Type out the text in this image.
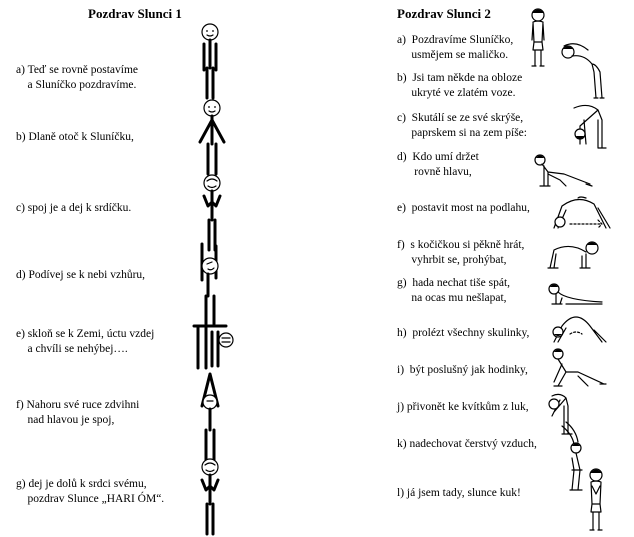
Pozdrav Slunci 1
a) Teď se rovně postavíme
a Sluníčko pozdravíme.
b) Dlaně otoč k Sluníčku,
c) spoj je a dej k srdíčku.
d) Podívej se k nebi vzhůru,
e) skloň se k Zemi, úctu vzdej
a chvíli se nehýbej….
f) Nahoru své ruce zdvihni
nad hlavou je spoj,
g) dej je dolů k srdci svému,
pozdrav Slunce „HARI ÓM“.
Pozdrav Slunci 2
a)  Pozdravíme Sluníčko,
usmějem se maličko.
b)  Jsi tam někde na obloze
ukryté ve zlatém voze.
c)  Skutálí se ze své skrýše,
paprskem si na zem píše:
d)  Kdo umí držet
rovně hlavu,
e)  postavit most na podlahu,
f)  s kočičkou si pěkně hrát,
vyhrbit se, prohýbat,
g)  hada nechat tiše spát,
na ocas mu nešlapat,
h)  prolézt všechny skulinky,
i)  být poslušný jak hodinky,
j) přivonět ke kvítkům z luk,
k) nadechovat čerstvý vzduch,
l) já jsem tady, slunce kuk!
